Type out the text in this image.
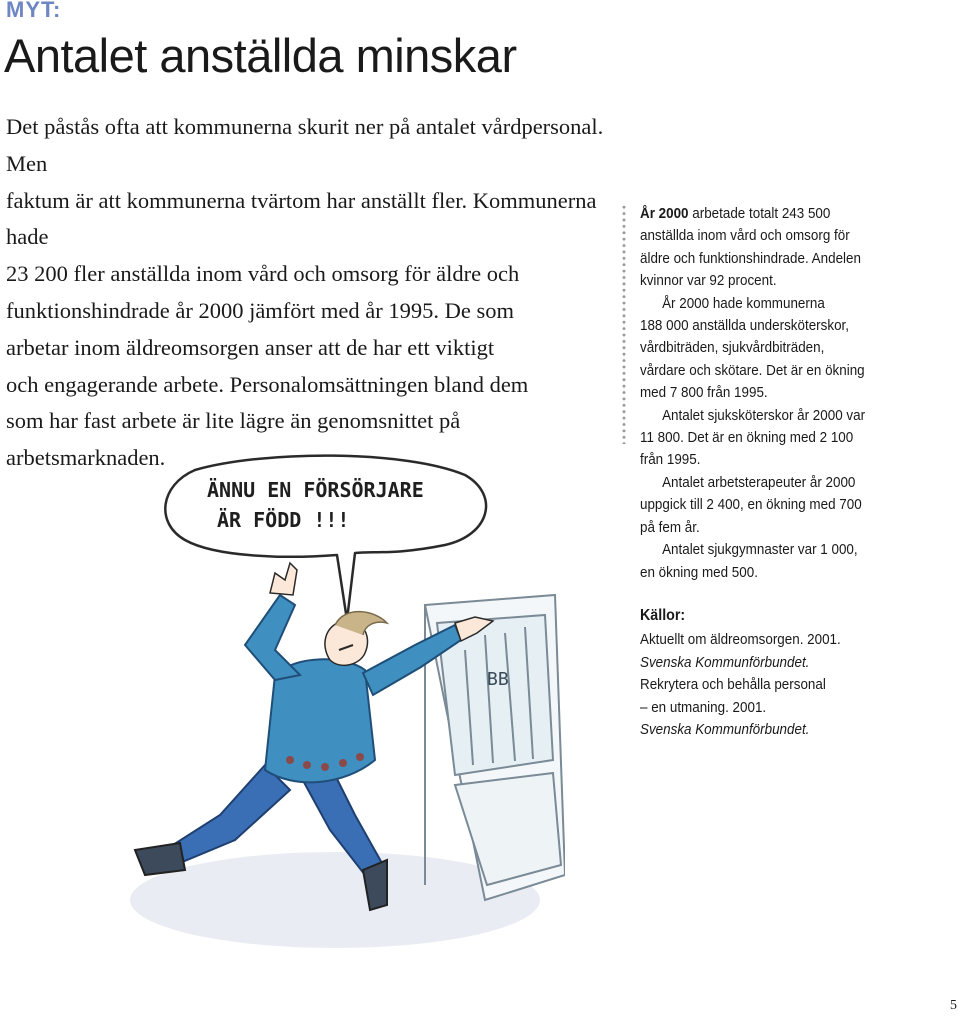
MYT:
Antalet anställda minskar

Det påstås ofta att kommunerna skurit ner på antalet vårdpersonal. Men

faktum är att kommunerna tvärtom har anställt fler. Kommunerna hade

23 200 fler anställda inom vård och omsorg för äldre och

funktionshindrade år 2000 jämfört med år 1995. De som

arbetar inom äldreomsorgen anser att de har ett viktigt

och engagerande arbete. Personalomsättningen bland dem

som har fast arbete är lite lägre än genomsnittet på

arbetsmarknaden.

År 2000 arbetade totalt 243 500

anställda inom vård och omsorg för

äldre och funktionshindrade. Andelen

kvinnor var 92 procent.

År 2000 hade kommunerna

188 000 anställda undersköterskor,

vårdbiträden, sjukvårdbiträden,

vårdare och skötare. Det är en ökning

med 7 800 från 1995.

Antalet sjuksköterskor år 2000 var

11 800. Det är en ökning med 2 100

från 1995.

Antalet arbetsterapeuter år 2000

uppgick till 2 400, en ökning med 700

på fem år.

Antalet sjukgymnaster var 1 000,

en ökning med 500.

Källor:

Aktuellt om äldreomsorgen. 2001.

Svenska Kommunförbundet.

Rekrytera och behålla personal

– en utmaning. 2001.

Svenska Kommunförbundet.

BB
ÄNNU EN FÖRSÖRJARE
ÄR FÖDD !!!
5
